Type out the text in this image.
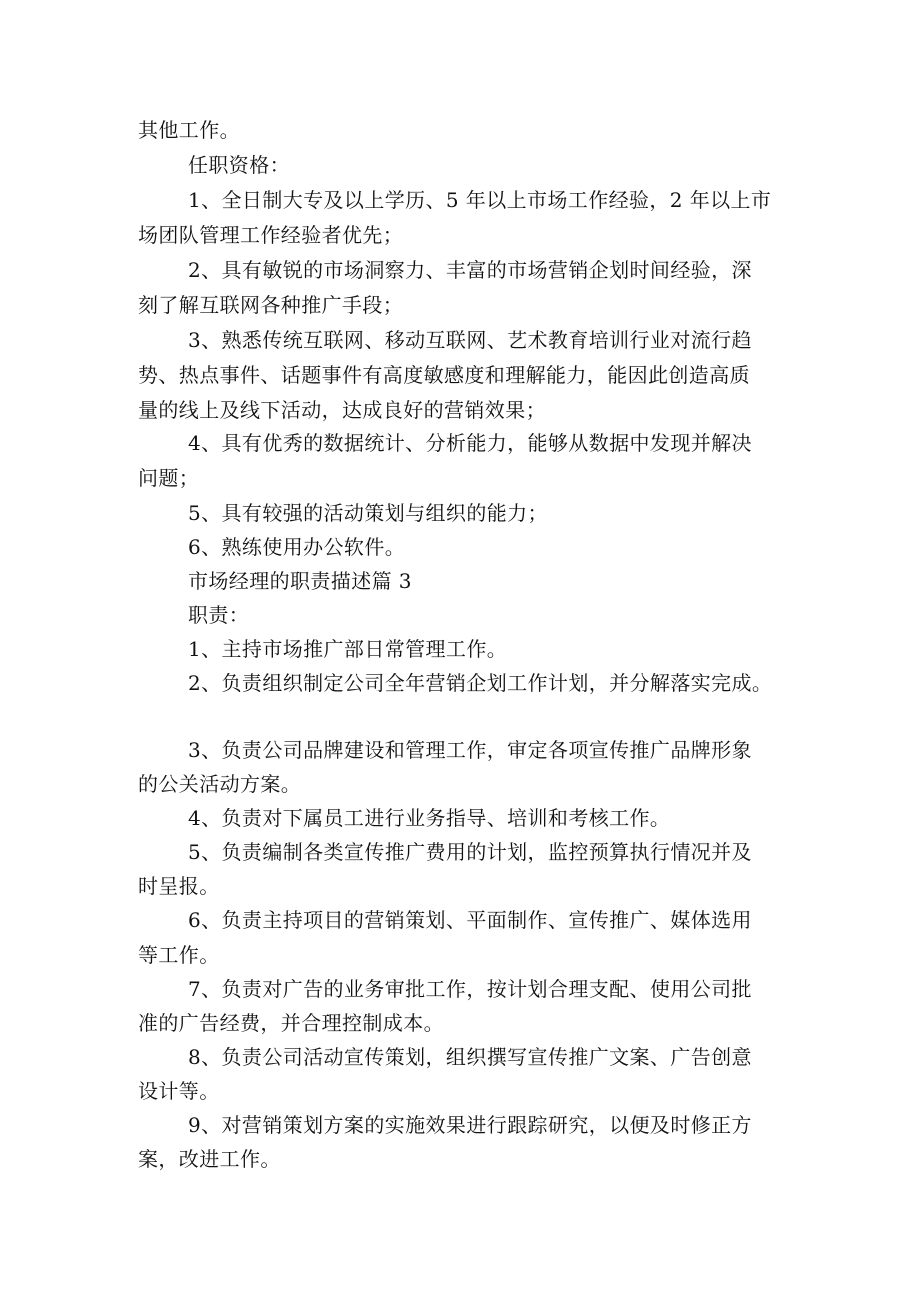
其他工作。
任职资格：
1、全日制大专及以上学历、5 年以上市场工作经验，2 年以上市
场团队管理工作经验者优先；
2、具有敏锐的市场洞察力、丰富的市场营销企划时间经验，深
刻了解互联网各种推广手段；
3、熟悉传统互联网、移动互联网、艺术教育培训行业对流行趋
势、热点事件、话题事件有高度敏感度和理解能力，能因此创造高质
量的线上及线下活动，达成良好的营销效果；
4、具有优秀的数据统计、分析能力，能够从数据中发现并解决
问题；
5、具有较强的活动策划与组织的能力；
6、熟练使用办公软件。
市场经理的职责描述篇 3
职责：
1、主持市场推广部日常管理工作。
2、负责组织制定公司全年营销企划工作计划，并分解落实完成。
3、负责公司品牌建设和管理工作，审定各项宣传推广品牌形象
的公关活动方案。
4、负责对下属员工进行业务指导、培训和考核工作。
5、负责编制各类宣传推广费用的计划，监控预算执行情况并及
时呈报。
6、负责主持项目的营销策划、平面制作、宣传推广、媒体选用
等工作。
7、负责对广告的业务审批工作，按计划合理支配、使用公司批
准的广告经费，并合理控制成本。
8、负责公司活动宣传策划，组织撰写宣传推广文案、广告创意
设计等。
9、对营销策划方案的实施效果进行跟踪研究，以便及时修正方
案，改进工作。
